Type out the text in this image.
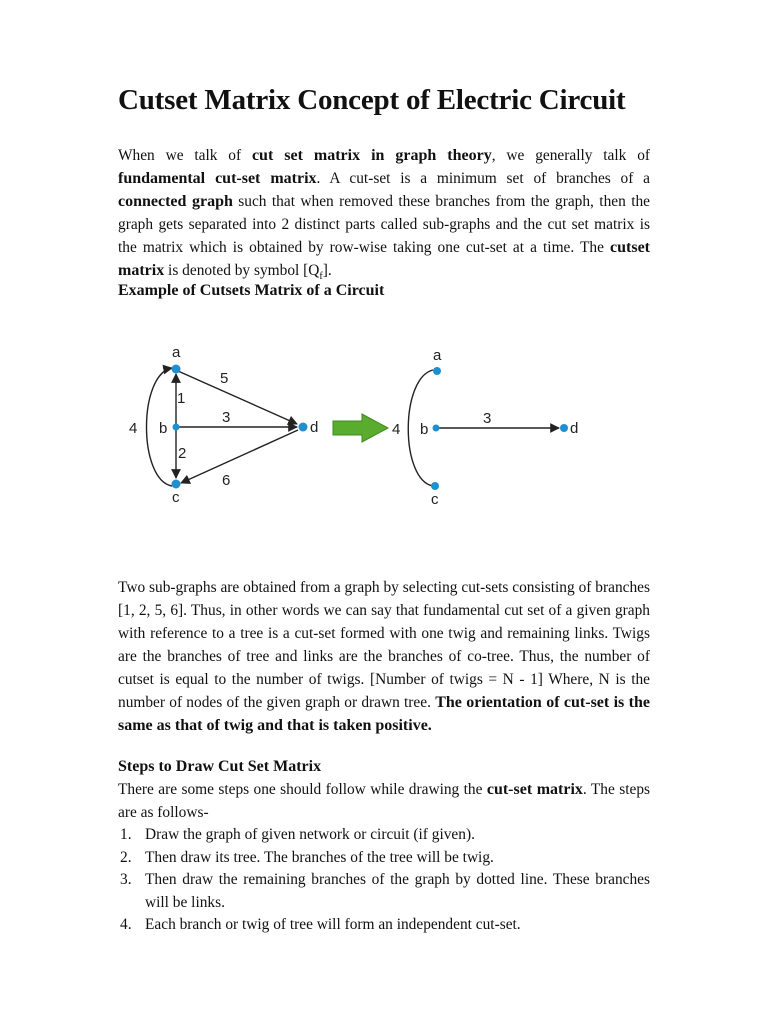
Cutset Matrix Concept of Electric Circuit

When we talk of cut set matrix in graph theory, we generally talk of fundamental cut-set matrix. A cut-set is a minimum set of branches of a connected graph such that when removed these branches from the graph, then the graph gets separated into 2 distinct parts called sub-graphs and the cut set matrix is the matrix which is obtained by row-wise taking one cut-set at a time. The cutset matrix is denoted by symbol $[Q_f]$.

Example of Cutsets Matrix of a Circuit

a
b
c
d
1
2
3
4
5
6
a
b
c
d
4
3

Two sub-graphs are obtained from a graph by selecting cut-sets consisting of branches [1, 2, 5, 6]. Thus, in other words we can say that fundamental cut set of a given graph with reference to a tree is a cut-set formed with one twig and remaining links. Twigs are the branches of tree and links are the branches of co-tree. Thus, the number of cutset is equal to the number of twigs. [Number of twigs = N - 1] Where, N is the number of nodes of the given graph or drawn tree. The orientation of cut-set is the same as that of twig and that is taken positive.

Steps to Draw Cut Set Matrix

There are some steps one should follow while drawing the cut-set matrix. The steps are as follows-

1. Draw the graph of given network or circuit (if given).
2. Then draw its tree. The branches of the tree will be twig.
3. Then draw the remaining branches of the graph by dotted line. These branches will be links.
4. Each branch or twig of tree will form an independent cut-set.
